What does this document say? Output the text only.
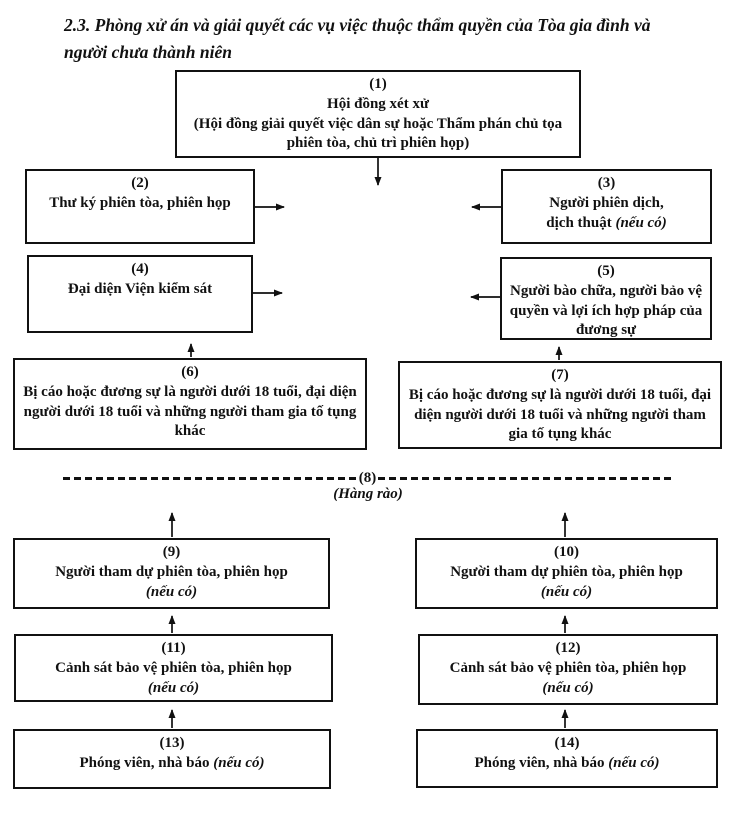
2.3. Phòng xử án và giải quyết các vụ việc thuộc thẩm quyền của Tòa gia đình và người chưa thành niên
(1)
Hội đồng xét xử
(Hội đồng giải quyết việc dân sự hoặc Thẩm phán chủ tọa phiên tòa, chủ trì phiên họp)
(2)
Thư ký phiên tòa, phiên họp
(3)
Người phiên dịch,
dịch thuật (nếu có)
(4)
Đại diện Viện kiểm sát
(5)
Người bào chữa, người bảo vệ quyền và lợi ích hợp pháp của đương sự
(6)
Bị cáo hoặc đương sự là người dưới 18 tuổi, đại diện người dưới 18 tuổi và những người tham gia tố tụng khác
(7)
Bị cáo hoặc đương sự là người dưới 18 tuổi, đại diện người dưới 18 tuổi và những người tham gia tố tụng khác
(8)
(Hàng rào)
(9)
Người tham dự phiên tòa, phiên họp
(nếu có)
(10)
Người tham dự phiên tòa, phiên họp
(nếu có)
(11)
Cảnh sát bảo vệ phiên tòa, phiên họp
(nếu có)
(12)
Cảnh sát bảo vệ phiên tòa, phiên họp
(nếu có)
(13)
Phóng viên, nhà báo (nếu có)
(14)
Phóng viên, nhà báo (nếu có)
